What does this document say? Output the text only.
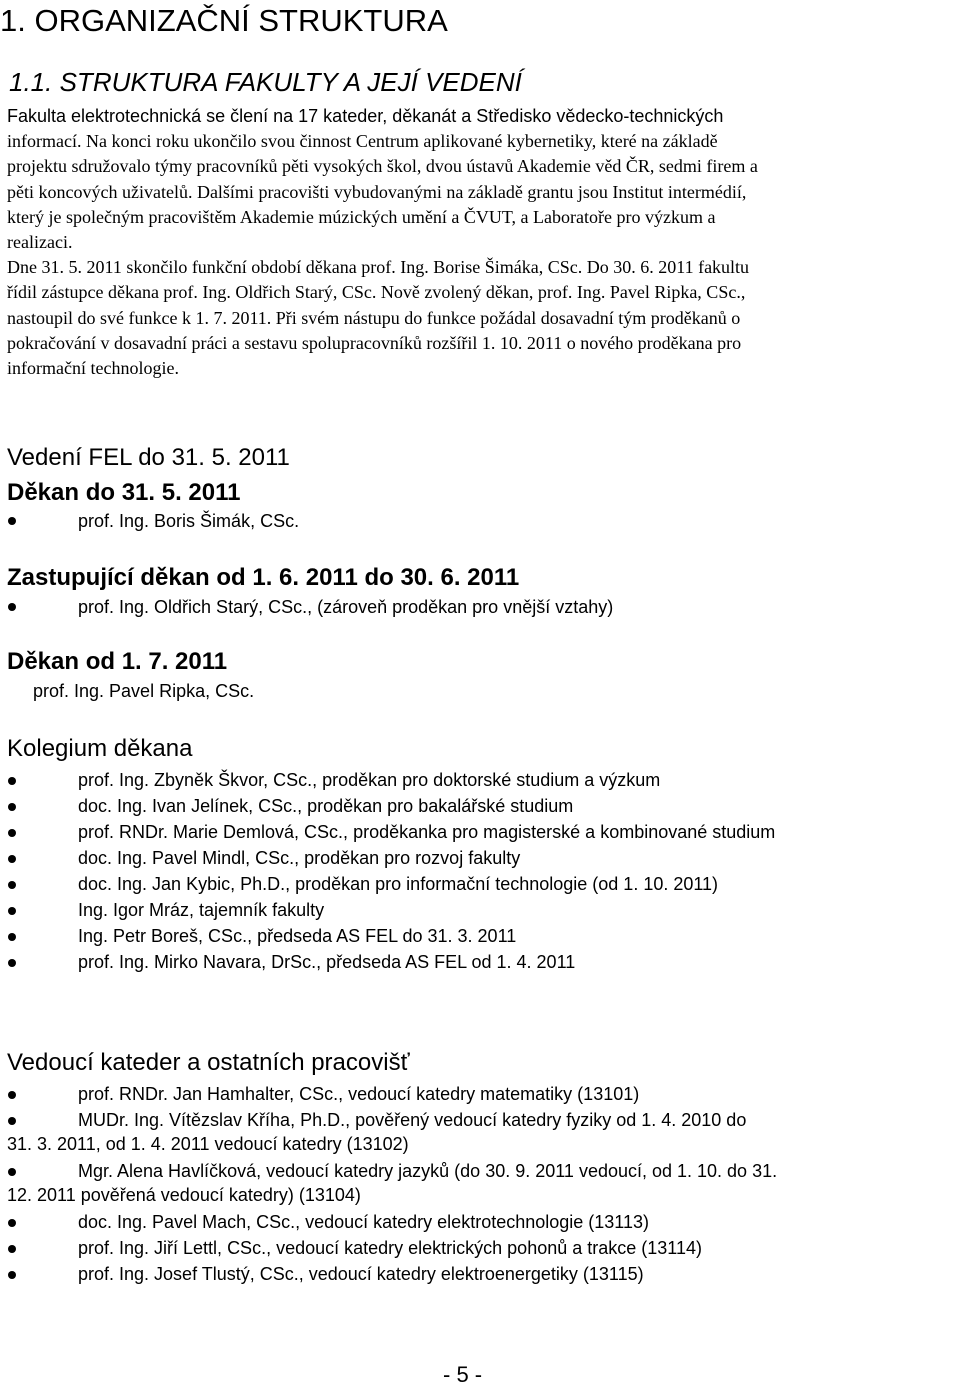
1. ORGANIZAČNÍ STRUKTURA
1.1. STRUKTURA FAKULTY A JEJÍ VEDENÍ
Fakulta elektrotechnická se člení na 17 kateder, děkanát a Středisko vědecko-technických
informací. Na konci roku ukončilo svou činnost Centrum aplikované kybernetiky, které na základě
projektu sdružovalo týmy pracovníků pěti vysokých škol, dvou ústavů Akademie věd ČR, sedmi firem a
pěti koncových uživatelů. Dalšími pracovišti vybudovanými na základě grantu jsou Institut intermédií,
který je společným pracovištěm Akademie múzických umění a ČVUT, a Laboratoře pro výzkum a
realizaci.
Dne 31. 5. 2011 skončilo funkční období děkana prof. Ing. Borise Šimáka, CSc. Do 30. 6. 2011 fakultu
řídil zástupce děkana prof. Ing. Oldřich Starý, CSc. Nově zvolený děkan, prof. Ing. Pavel Ripka, CSc.,
nastoupil do své funkce k 1. 7. 2011. Při svém nástupu do funkce požádal dosavadní tým proděkanů o
pokračování v dosavadní práci a sestavu spolupracovníků rozšířil 1. 10. 2011 o nového proděkana pro
informační technologie.
Vedení FEL do 31. 5. 2011
Děkan do 31. 5. 2011
prof. Ing. Boris Šimák, CSc.
Zastupující děkan od 1. 6. 2011 do 30. 6. 2011
prof. Ing. Oldřich Starý, CSc., (zároveň proděkan pro vnější vztahy)
Děkan od 1. 7. 2011
prof. Ing. Pavel Ripka, CSc.
Kolegium děkana
prof. Ing. Zbyněk Škvor, CSc., proděkan pro doktorské studium a výzkum
doc. Ing. Ivan Jelínek, CSc., proděkan pro bakalářské studium
prof. RNDr. Marie Demlová, CSc., proděkanka pro magisterské a kombinované studium
doc. Ing. Pavel Mindl, CSc., proděkan pro rozvoj fakulty
doc. Ing. Jan Kybic, Ph.D., proděkan pro informační technologie (od 1. 10. 2011)
Ing. Igor Mráz, tajemník fakulty
Ing. Petr Boreš, CSc., předseda AS FEL do 31. 3. 2011
prof. Ing. Mirko Navara, DrSc., předseda AS FEL od 1. 4. 2011
Vedoucí kateder a ostatních pracovišť
prof. RNDr. Jan Hamhalter, CSc., vedoucí katedry matematiky (13101)
MUDr. Ing. Vítězslav Kříha, Ph.D., pověřený vedoucí katedry fyziky od 1. 4. 2010 do
31. 3. 2011, od 1. 4. 2011 vedoucí katedry (13102)
Mgr. Alena Havlíčková, vedoucí katedry jazyků (do 30. 9. 2011 vedoucí, od 1. 10. do 31.
12. 2011 pověřená vedoucí katedry) (13104)
doc. Ing. Pavel Mach, CSc., vedoucí katedry elektrotechnologie (13113)
prof. Ing. Jiří Lettl, CSc., vedoucí katedry elektrických pohonů a trakce (13114)
prof. Ing. Josef Tlustý, CSc., vedoucí katedry elektroenergetiky (13115)
- 5 -
